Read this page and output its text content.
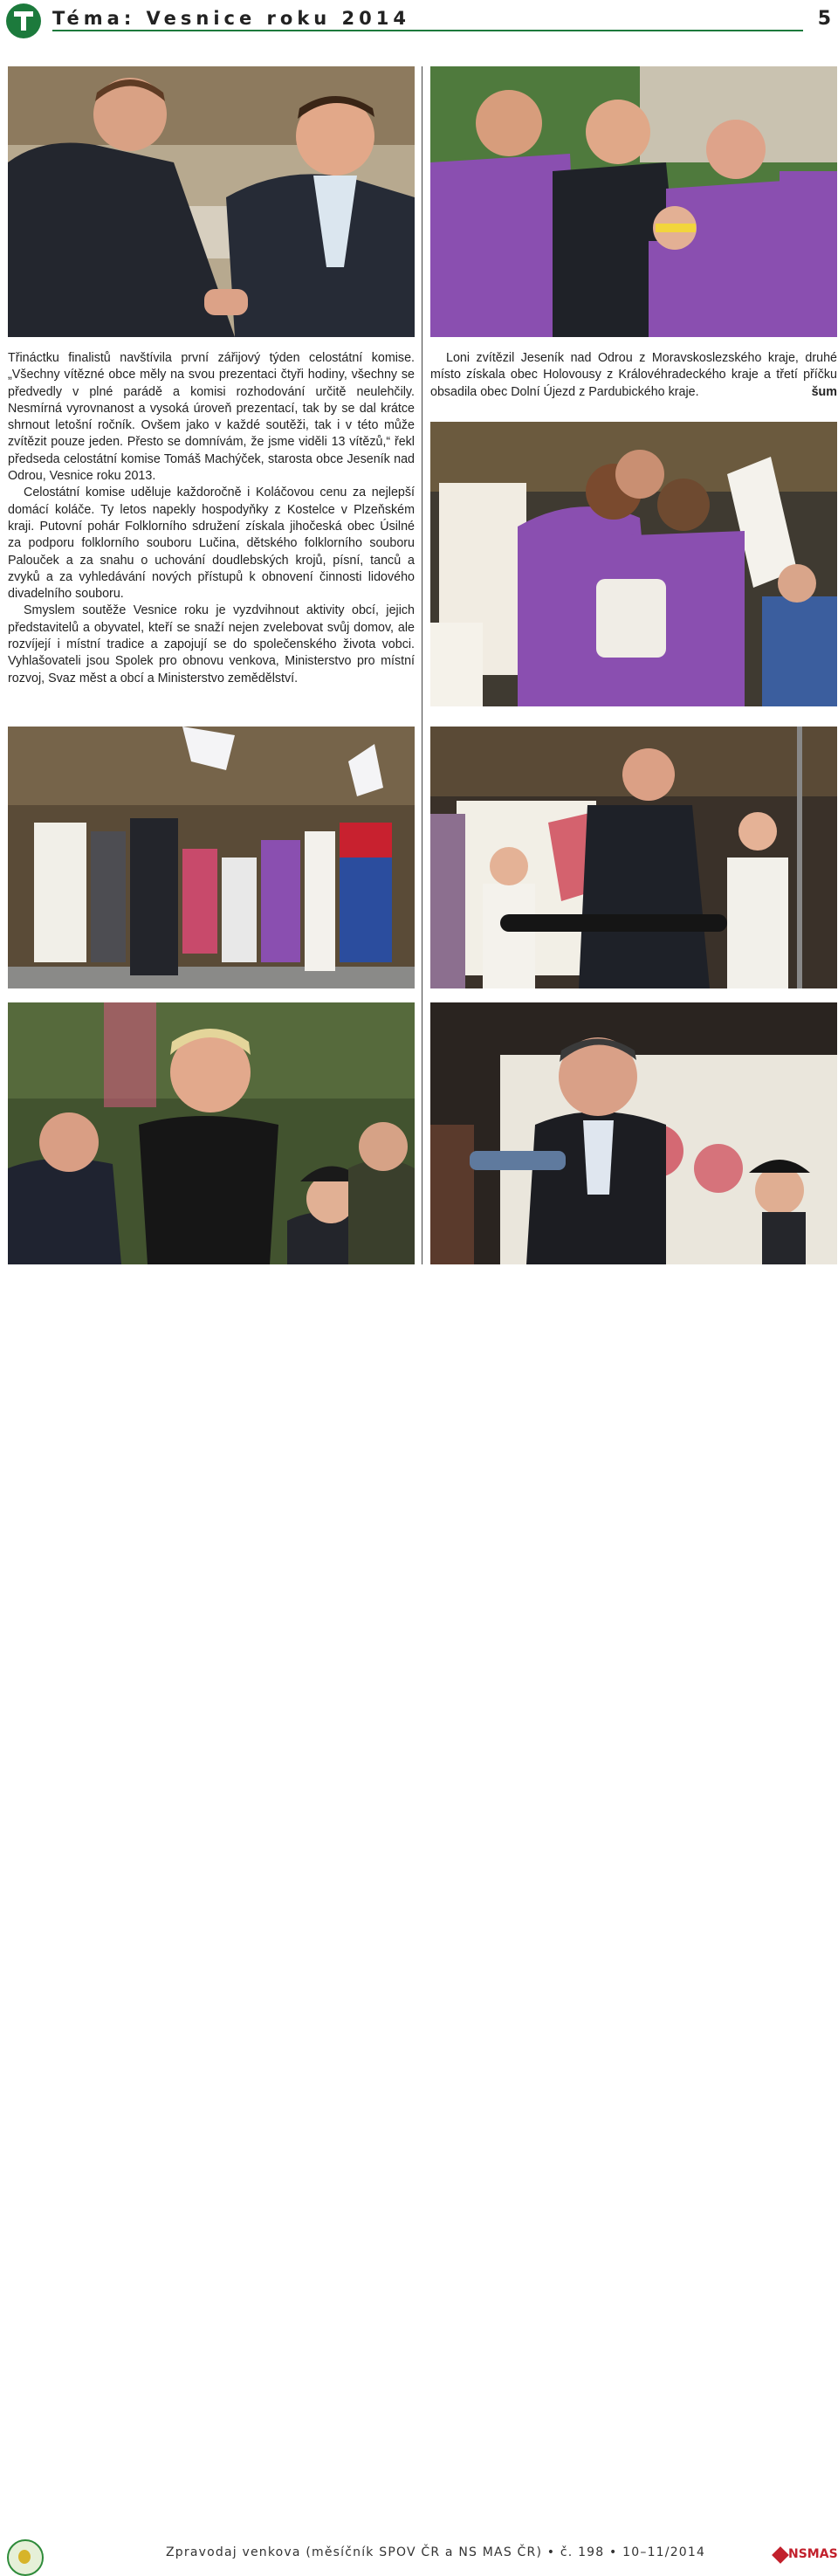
Téma: Vesnice roku 2014	5

Třináctku finalistů navštívila první zářijový týden celostátní komise. „Všechny vítězné obce měly na svou prezentaci čtyři hodiny, všechny se předvedly v plné parádě a komisi rozhodování určitě neulehčily. Nesmírná vyrovnanost a vysoká úroveň prezentací, tak by se dal krátce shrnout letošní ročník. Ovšem jako v každé soutěži, tak i v této může zvítězit pouze jeden. Přesto se domnívám, že jsme viděli 13 vítězů,“ řekl předseda celostátní komise Tomáš Machýček, starosta obce Jeseník nad Odrou, Vesnice roku 2013.

Celostátní komise uděluje každoročně i Koláčovou cenu za nejlepší domácí koláče. Ty letos napekly hospodyňky z Kostelce v Plzeňském kraji. Putovní pohár Folklorního sdružení získala jihočeská obec Úsilné za podporu folklorního souboru Lučina, dětského folklorního souboru Palouček a za snahu o uchování doudlebských krojů, písní, tanců a zvyků a za vyhledávání nových přístupů k obnovení činnosti lidového divadelního souboru.

Smyslem soutěže Vesnice roku je vyzdvihnout aktivity obcí, jejich představitelů a obyvatel, kteří se snaží nejen zvelebovat svůj domov, ale rozvíjejí i místní tradice a zapojují se do společenského života vobci. Vyhlašovateli jsou Spolek pro obnovu venkova, Ministerstvo pro místní rozvoj, Svaz měst a obcí a Ministerstvo zemědělství.

Loni zvítězil Jeseník nad Odrou z Moravskoslezského kraje, druhé místo získala obec Holovousy z Královéhradeckého kraje a třetí příčku obsadila obec Dolní Újezd z Pardubického kraje.	šum
Zpravodaj venkova (měsíčník SPOV ČR a NS MAS ČR) • č. 198 • 10–11/2014	NSMAS
